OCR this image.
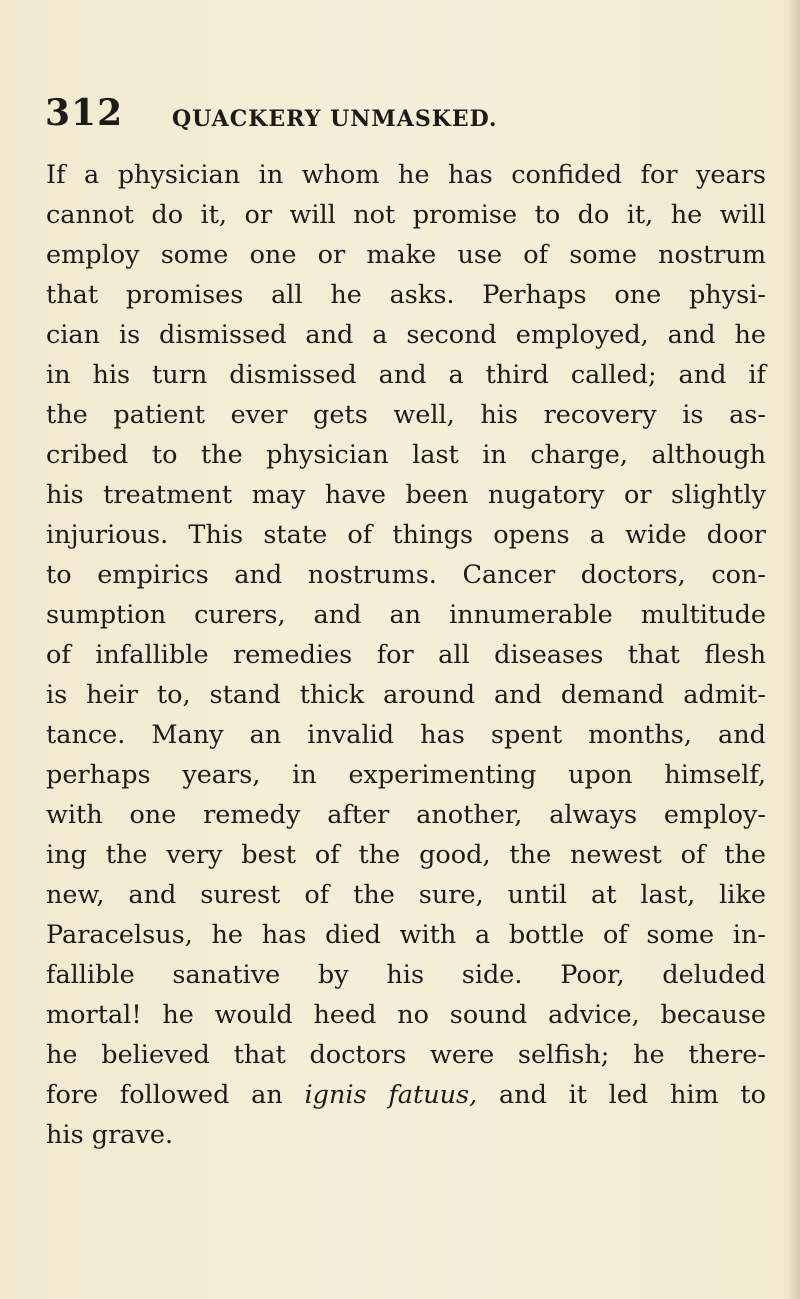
312 QUACKERY UNMASKED.
If a physician in whom he has confided for years
cannot do it, or will not promise to do it, he will
employ some one or make use of some nostrum
that promises all he asks. Perhaps one physi-
cian is dismissed and a second employed, and he
in his turn dismissed and a third called; and if
the patient ever gets well, his recovery is as-
cribed to the physician last in charge, although
his treatment may have been nugatory or slightly
injurious. This state of things opens a wide door
to empirics and nostrums. Cancer doctors, con-
sumption curers, and an innumerable multitude
of infallible remedies for all diseases that flesh
is heir to, stand thick around and demand admit-
tance. Many an invalid has spent months, and
perhaps years, in experimenting upon himself,
with one remedy after another, always employ-
ing the very best of the good, the newest of the
new, and surest of the sure, until at last, like
Paracelsus, he has died with a bottle of some in-
fallible sanative by his side. Poor, deluded
mortal! he would heed no sound advice, because
he believed that doctors were selfish; he there-
fore followed an ignis fatuus, and it led him to
his grave.
